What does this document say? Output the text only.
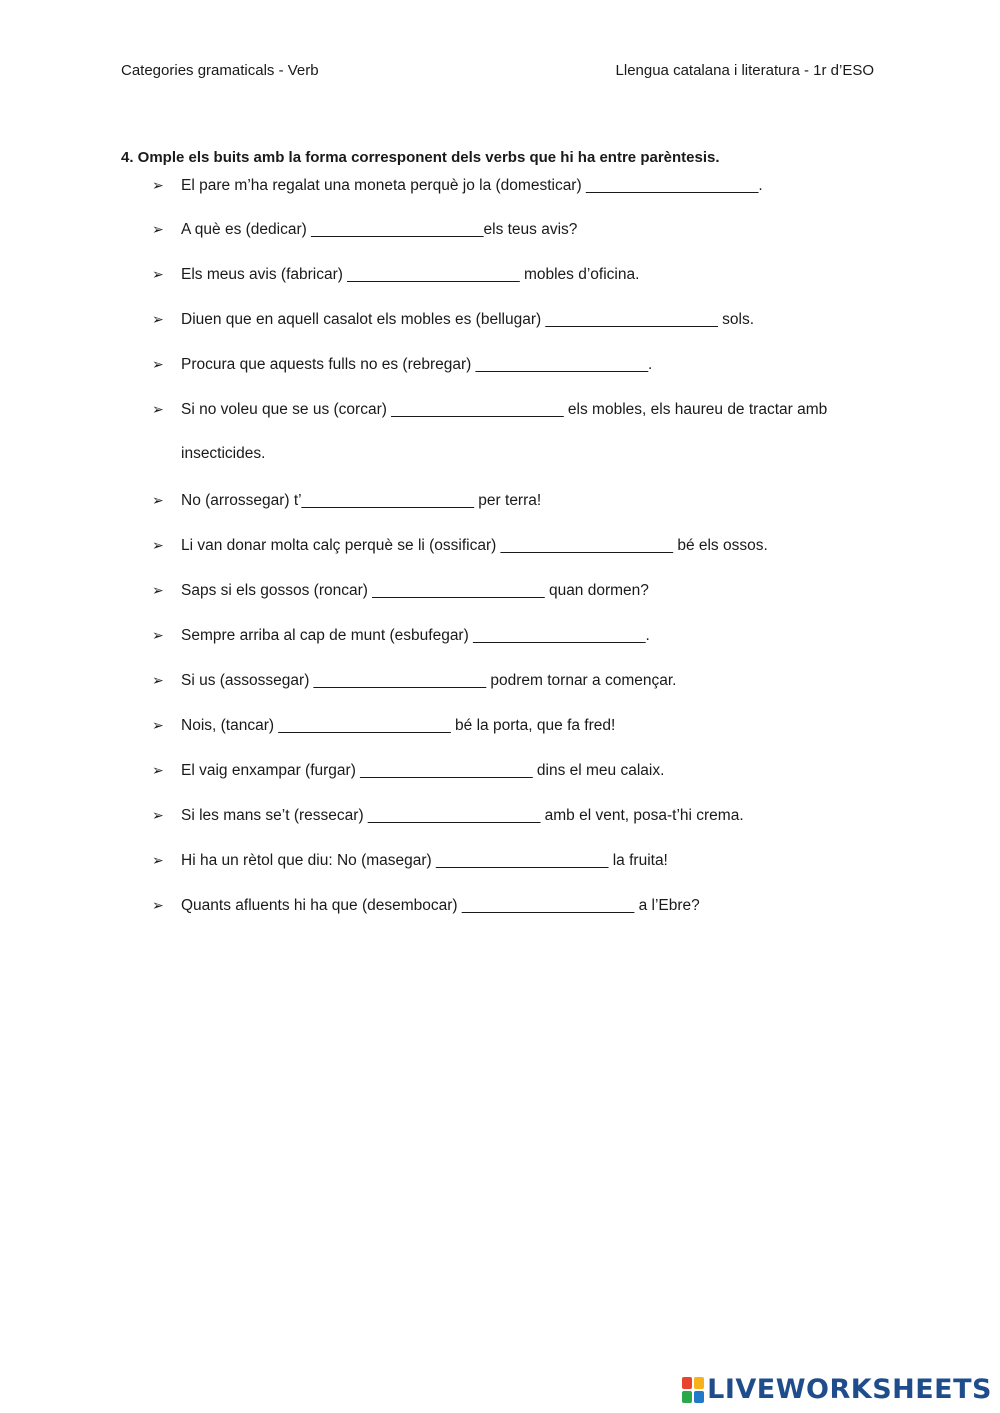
Categories gramaticals - Verb	Llengua catalana i literatura - 1r d’ESO
4. Omple els buits amb la forma corresponent dels verbs que hi ha entre parèntesis.
➢ El pare m’ha regalat una moneta perquè jo la (domesticar) ____________________.
➢ A què es (dedicar) ____________________els teus avis?
➢ Els meus avis (fabricar) ____________________ mobles d’oficina.
➢ Diuen que en aquell casalot els mobles es (bellugar) ____________________ sols.
➢ Procura que aquests fulls no es (rebregar) ____________________.
➢ Si no voleu que se us (corcar) ____________________ els mobles, els haureu de tractar amb
insecticides.
➢ No (arrossegar) t’____________________ per terra!
➢ Li van donar molta calç perquè se li (ossificar) ____________________ bé els ossos.
➢ Saps si els gossos (roncar) ____________________ quan dormen?
➢ Sempre arriba al cap de munt (esbufegar) ____________________.
➢ Si us (assossegar) ____________________ podrem tornar a començar.
➢ Nois, (tancar) ____________________ bé la porta, que fa fred!
➢ El vaig enxampar (furgar) ____________________ dins el meu calaix.
➢ Si les mans se’t (ressecar) ____________________ amb el vent, posa-t’hi crema.
➢ Hi ha un rètol que diu: No (masegar) ____________________ la fruita!
➢ Quants afluents hi ha que (desembocar) ____________________ a l’Ebre?
LIVEWORKSHEETS
